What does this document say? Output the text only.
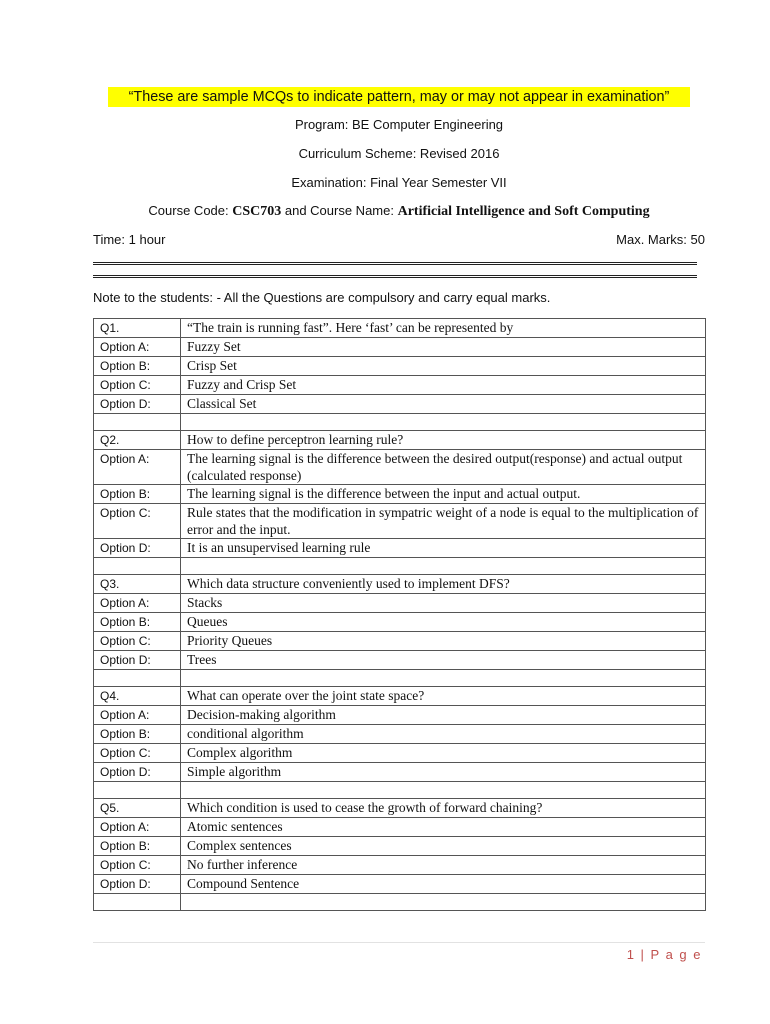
“These are sample MCQs to indicate pattern, may or may not appear in examination”
Program: BE Computer Engineering
Curriculum Scheme: Revised 2016
Examination: Final Year Semester VII
Course Code: CSC703 and Course Name: Artificial Intelligence and Soft Computing
Time: 1 hour	Max. Marks: 50
Note to the students: - All the Questions are compulsory and carry equal marks.
Q1.	“The train is running fast”. Here ‘fast’ can be represented by
Option A:	Fuzzy Set
Option B:	Crisp Set
Option C:	Fuzzy and Crisp Set
Option D:	Classical Set

Q2.	How to define perceptron learning rule?
Option A:	The learning signal is the difference between the desired output(response) and actual output (calculated response)
Option B:	The learning signal is the difference between the input and actual output.
Option C:	Rule states that the modification in sympatric weight of a node is equal to the multiplication of error and the input.
Option D:	It is an unsupervised learning rule

Q3.	Which data structure conveniently used to implement DFS?
Option A:	Stacks
Option B:	Queues
Option C:	Priority Queues
Option D:	Trees

Q4.	What can operate over the joint state space?
Option A:	Decision-making algorithm
Option B:	conditional algorithm
Option C:	Complex algorithm
Option D:	Simple algorithm

Q5.	Which condition is used to cease the growth of forward chaining?
Option A:	Atomic sentences
Option B:	Complex sentences
Option C:	No further inference
Option D:	Compound Sentence

1 | P a g e
